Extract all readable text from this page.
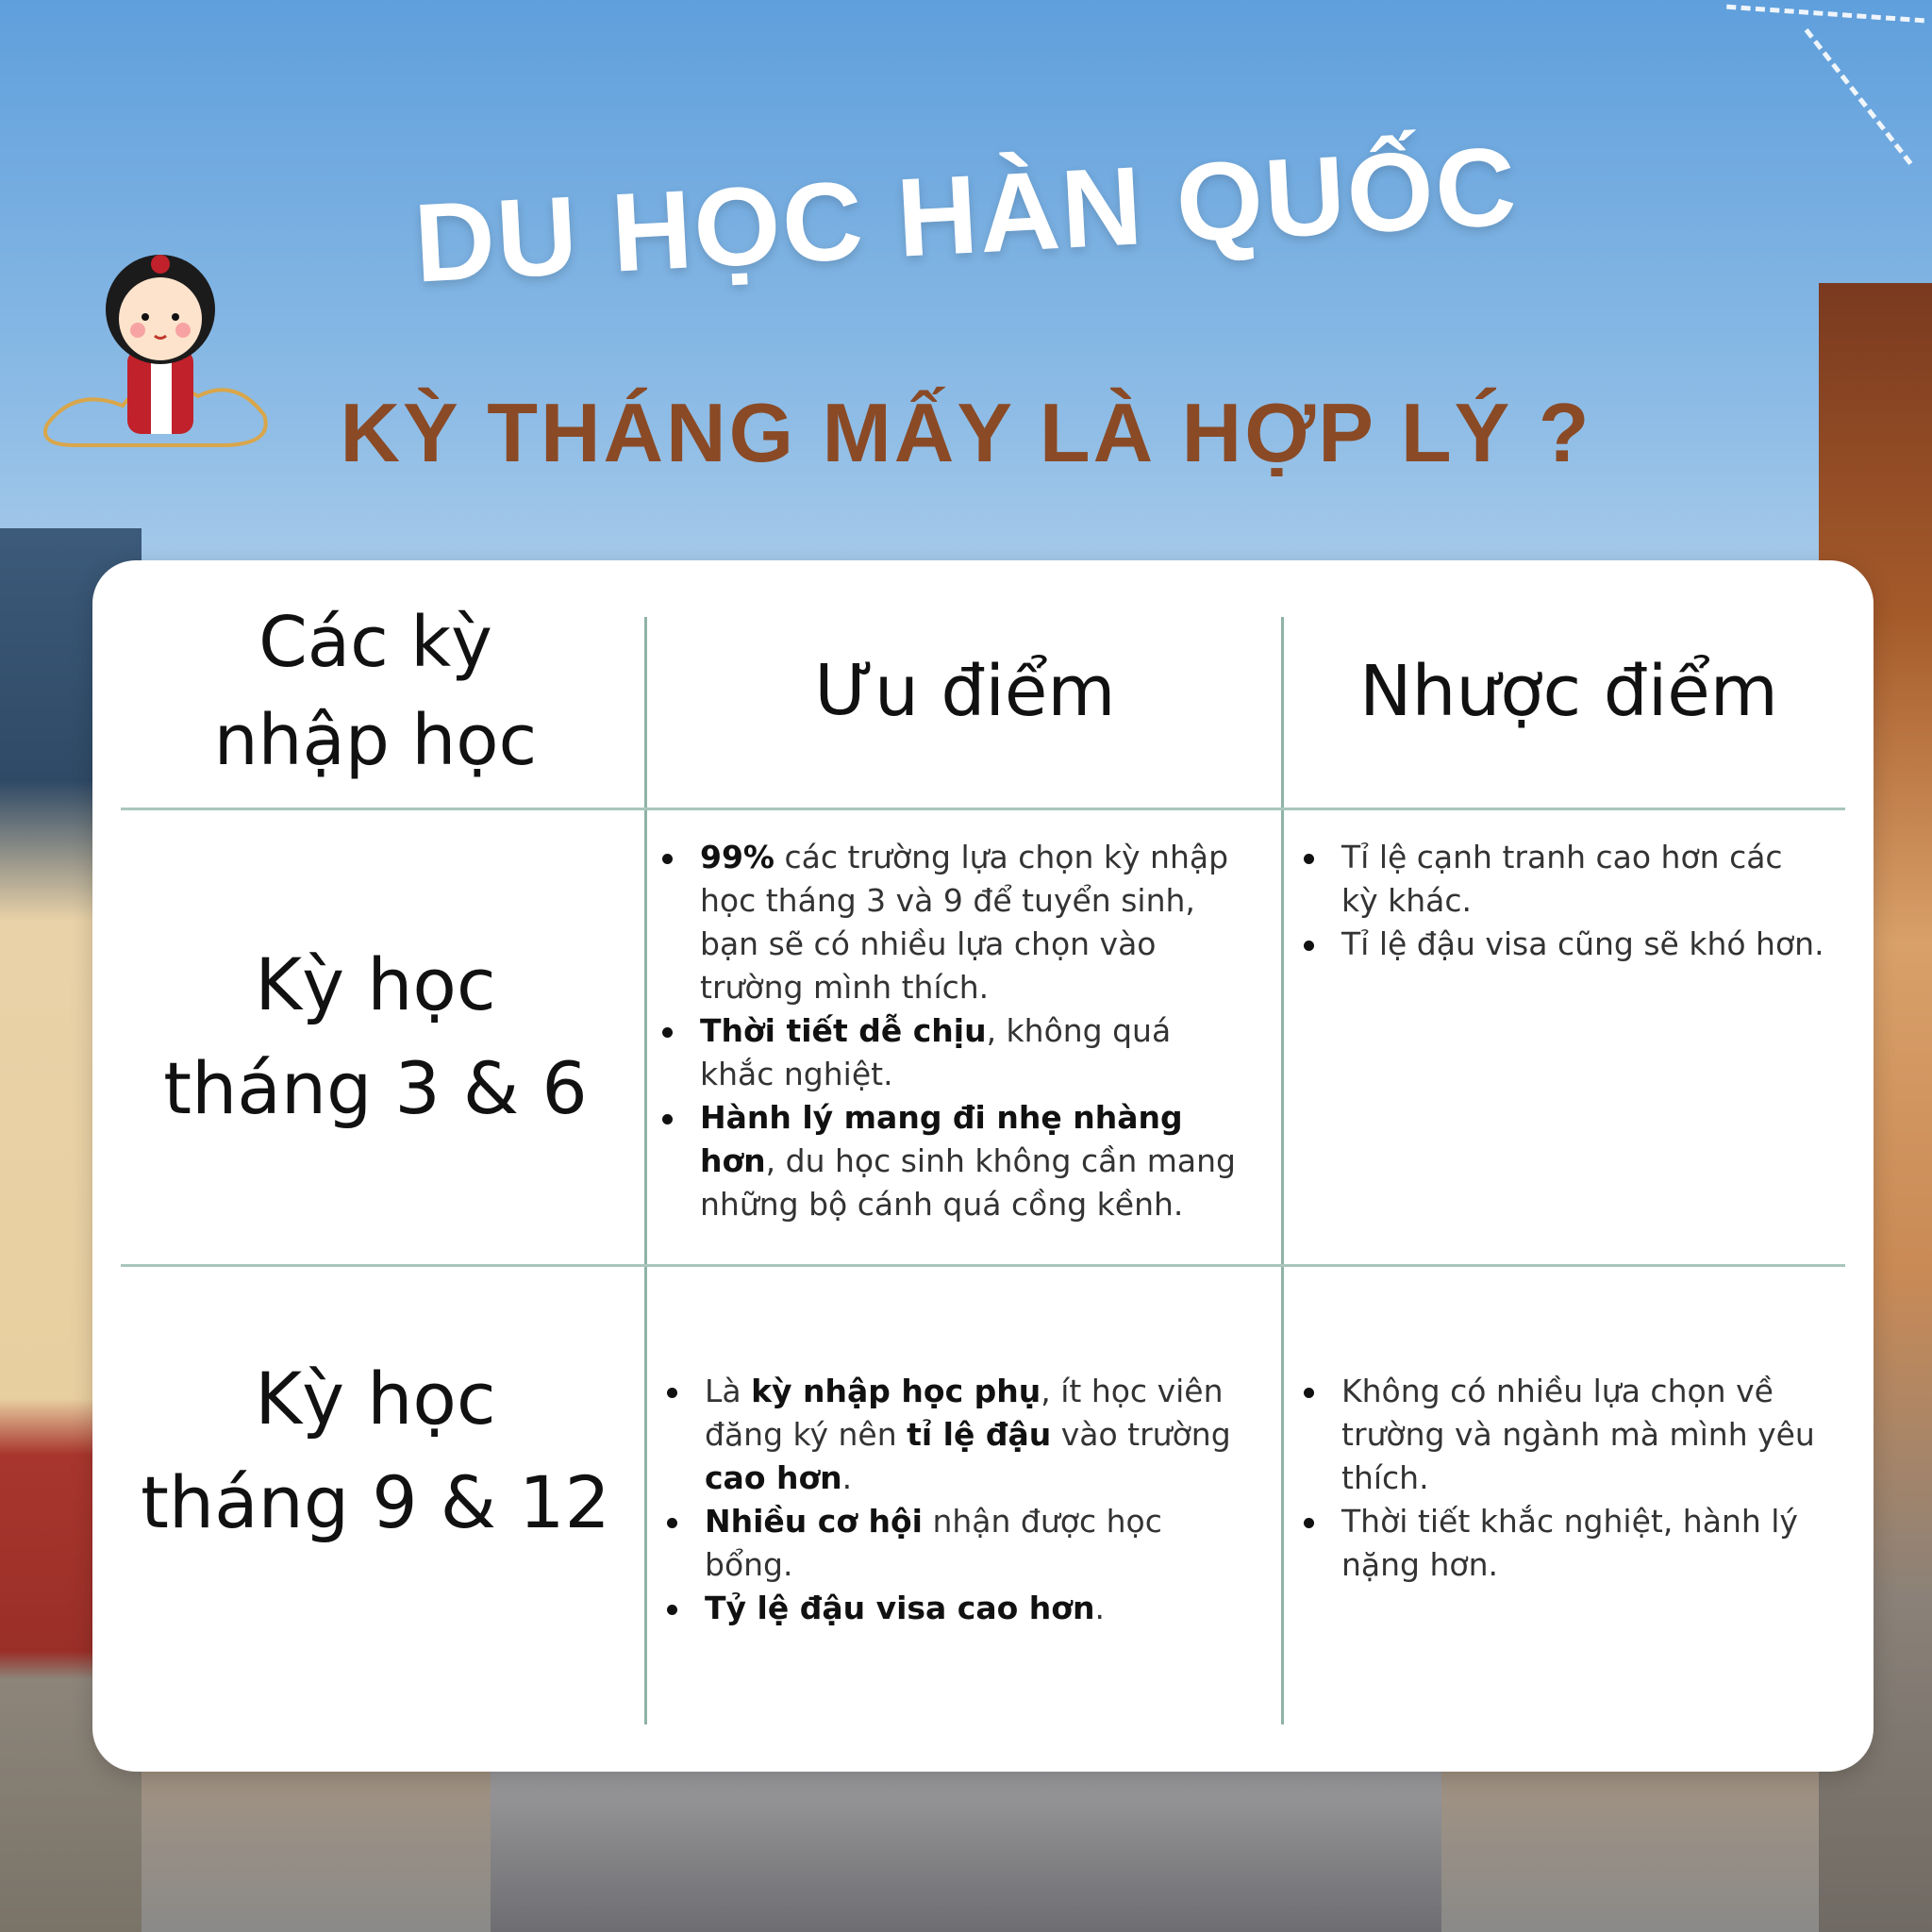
DU HỌC HÀN QUỐC
KỲ THÁNG MẤY LÀ HỢP LÝ ?
Các kỳ nhập học
Ưu điểm	Nhược điểm
Kỳ học tháng 3 & 6
99% các trường lựa chọn kỳ nhập học tháng 3 và 9 để tuyển sinh, bạn sẽ có nhiều lựa chọn vào trường mình thích.
Thời tiết dễ chịu, không quá khắc nghiệt.
Hành lý mang đi nhẹ nhàng hơn, du học sinh không cần mang những bộ cánh quá cồng kềnh.
Tỉ lệ cạnh tranh cao hơn các kỳ khác.
Tỉ lệ đậu visa cũng sẽ khó hơn.
Kỳ học tháng 9 & 12
Là kỳ nhập học phụ, ít học viên đăng ký nên tỉ lệ đậu vào trường cao hơn.
Nhiều cơ hội nhận được học bổng.
Tỷ lệ đậu visa cao hơn.
Không có nhiều lựa chọn về trường và ngành mà mình yêu thích.
Thời tiết khắc nghiệt, hành lý nặng hơn.
